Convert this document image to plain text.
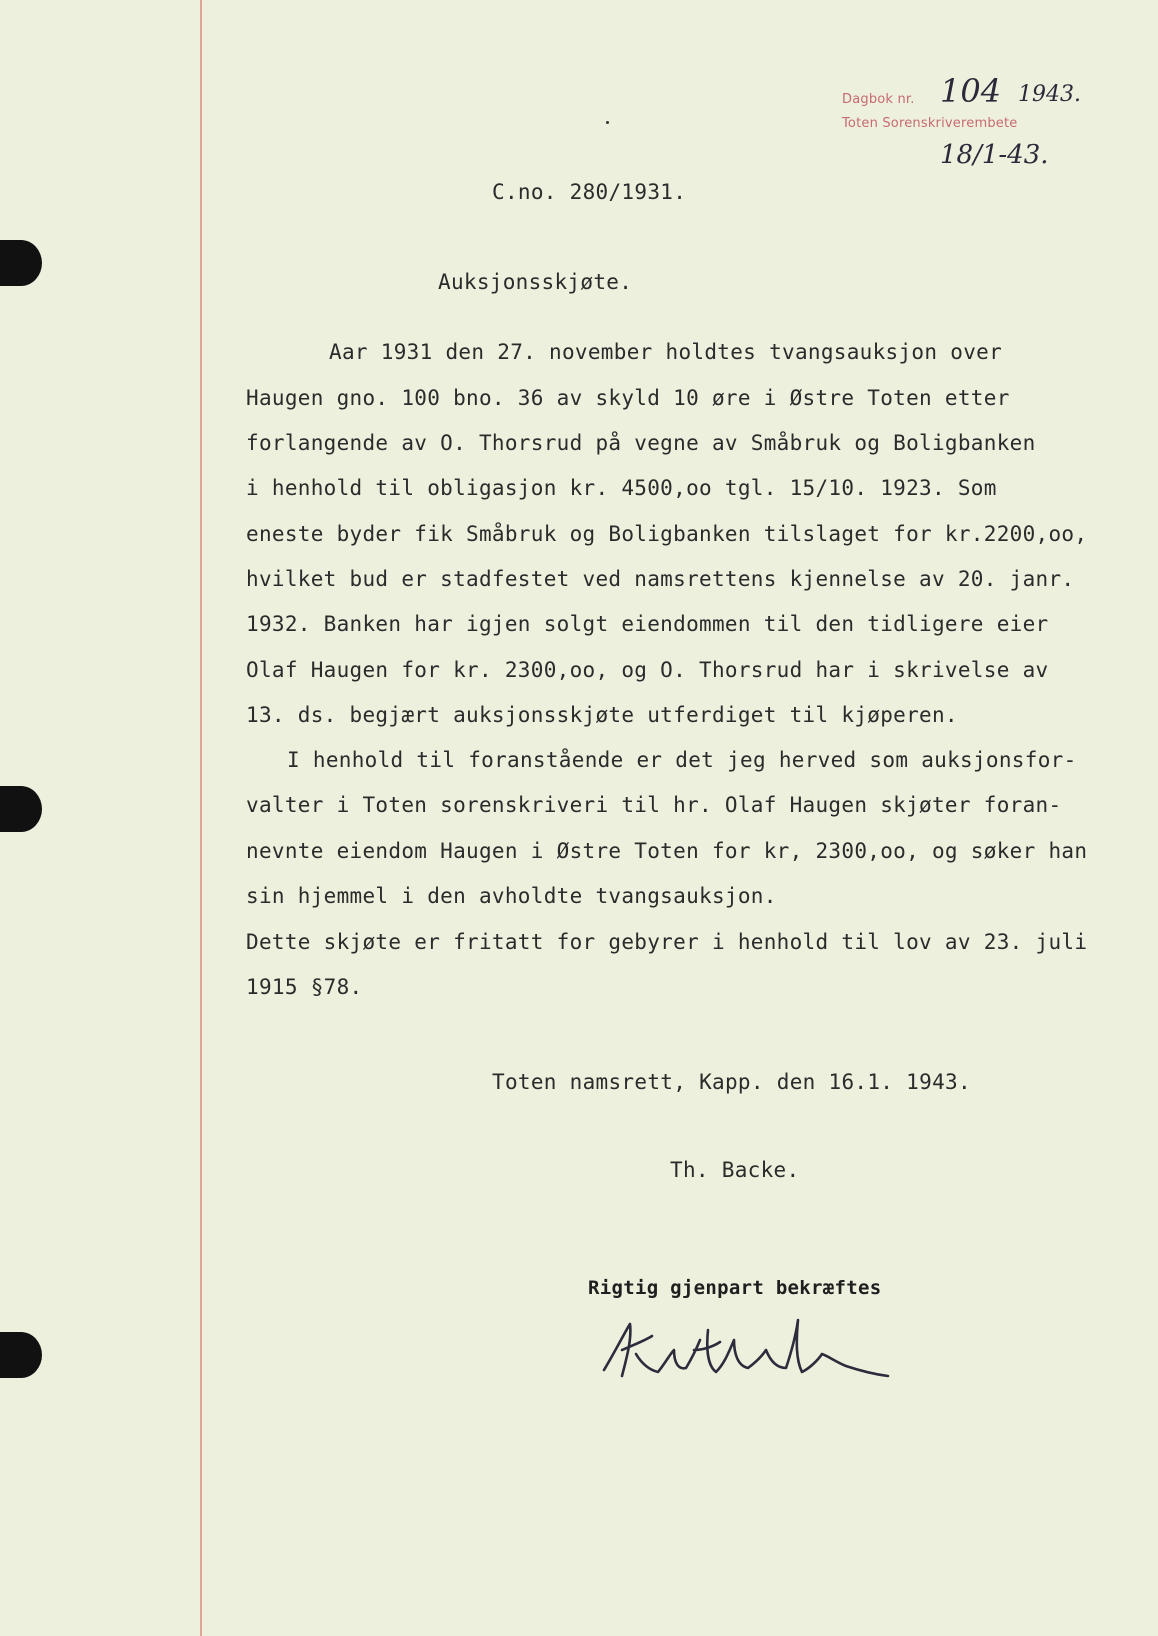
Dagbok nr. 104 1943.
Toten Sorenskriverembete
18/1-43.
C.no. 280/1931.
Auksjonsskjøte.
Aar 1931 den 27. november holdtes tvangsauksjon over
Haugen gno. 100 bno. 36 av skyld 10 øre i Østre Toten etter
forlangende av O. Thorsrud på vegne av Småbruk og Boligbanken
i henhold til obligasjon kr. 4500,oo tgl. 15/10. 1923. Som
eneste byder fik Småbruk og Boligbanken tilslaget for kr.2200,oo,
hvilket bud er stadfestet ved namsrettens kjennelse av 20. janr.
1932. Banken har igjen solgt eiendommen til den tidligere eier
Olaf Haugen for kr. 2300,oo, og O. Thorsrud har i skrivelse av
13. ds. begjært auksjonsskjøte utferdiget til kjøperen.
I henhold til foranstående er det jeg herved som auksjonsfor-
valter i Toten sorenskriveri til hr. Olaf Haugen skjøter foran-
nevnte eiendom Haugen i Østre Toten for kr, 2300,oo, og søker han
sin hjemmel i den avholdte tvangsauksjon.
Dette skjøte er fritatt for gebyrer i henhold til lov av 23. juli
1915 §78.
Toten namsrett, Kapp. den 16.1. 1943.
Th. Backe.
Rigtig gjenpart bekræftes
